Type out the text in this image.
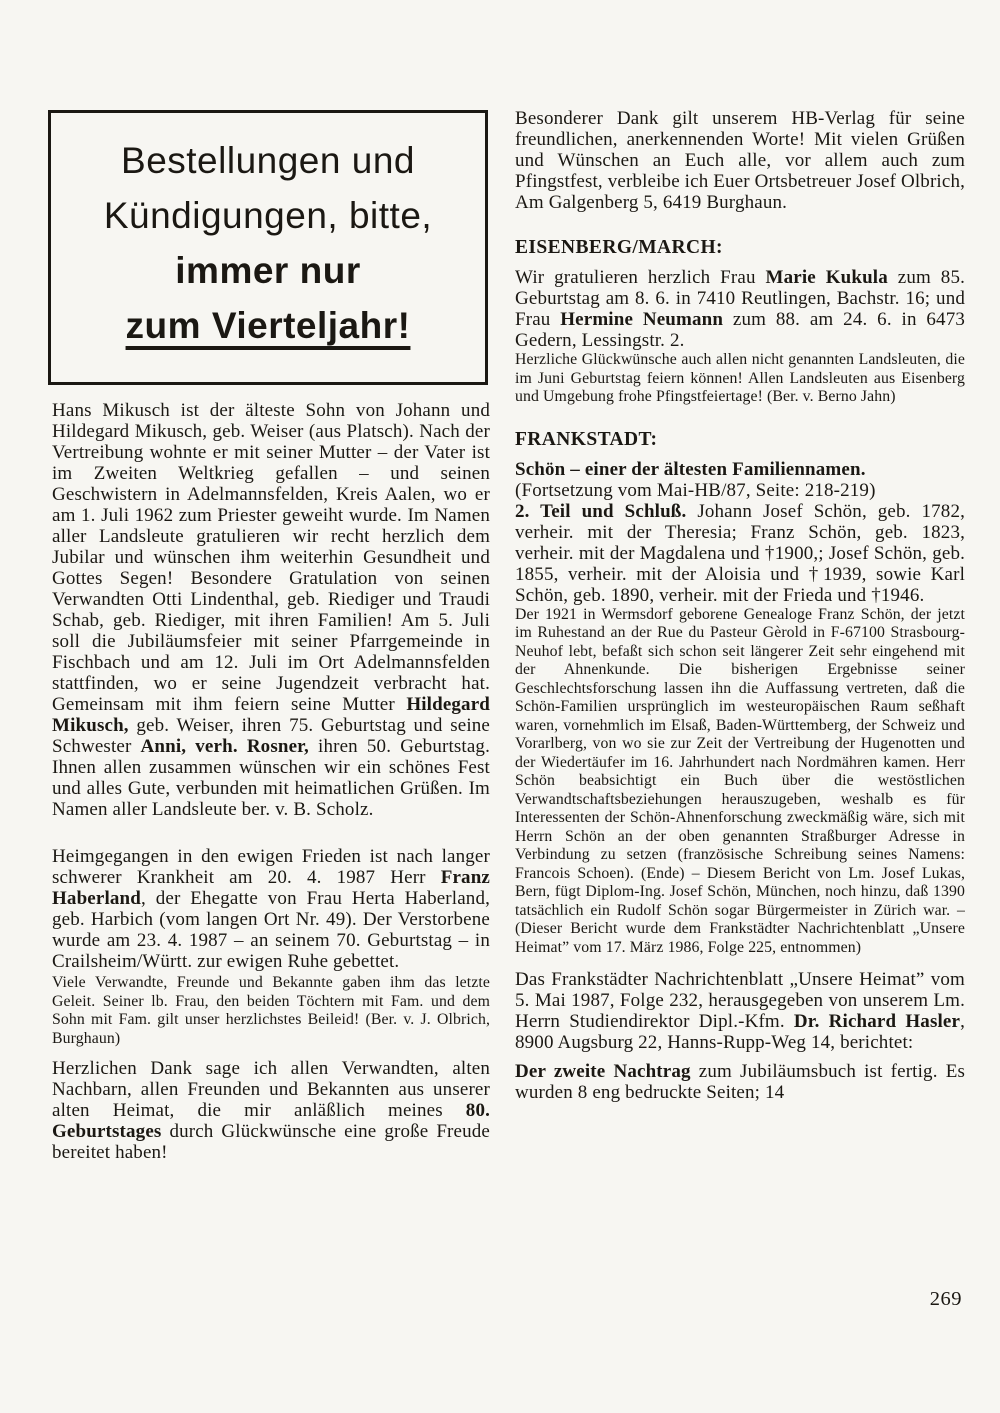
Bestellungen und
Kündigungen, bitte,
immer nur
zum Vierteljahr!
Hans Mikusch ist der älteste Sohn von Johann und Hildegard Mikusch, geb. Weiser (aus Platsch). Nach der Vertreibung wohnte er mit seiner Mutter – der Vater ist im Zweiten Weltkrieg gefallen – und seinen Geschwistern in Adelmannsfelden, Kreis Aalen, wo er am 1. Juli 1962 zum Priester geweiht wurde. Im Namen aller Landsleute gratulieren wir recht herzlich dem Jubilar und wünschen ihm weiterhin Gesundheit und Gottes Segen! Besondere Gratulation von seinen Verwandten Otti Lindenthal, geb. Riediger und Traudi Schab, geb. Riediger, mit ihren Familien! Am 5. Juli soll die Jubiläumsfeier mit seiner Pfarrgemeinde in Fischbach und am 12. Juli im Ort Adelmannsfelden stattfinden, wo er seine Jugendzeit verbracht hat. Gemeinsam mit ihm feiern seine Mutter Hildegard Mikusch, geb. Weiser, ihren 75. Geburtstag und seine Schwester Anni, verh. Rosner, ihren 50. Geburtstag. Ihnen allen zusammen wünschen wir ein schönes Fest und alles Gute, verbunden mit heimatlichen Grüßen. Im Namen aller Landsleute ber. v. B. Scholz.
Heimgegangen in den ewigen Frieden ist nach langer schwerer Krankheit am 20. 4. 1987 Herr Franz Haberland, der Ehegatte von Frau Herta Haberland, geb. Harbich (vom langen Ort Nr. 49). Der Verstorbene wurde am 23. 4. 1987 – an seinem 70. Geburtstag – in Crailsheim/Württ. zur ewigen Ruhe gebettet.
Viele Verwandte, Freunde und Bekannte gaben ihm das letzte Geleit. Seiner lb. Frau, den beiden Töchtern mit Fam. und dem Sohn mit Fam. gilt unser herzlichstes Beileid! (Ber. v. J. Olbrich, Burghaun)
Herzlichen Dank sage ich allen Verwandten, alten Nachbarn, allen Freunden und Bekannten aus unserer alten Heimat, die mir anläßlich meines 80. Geburtstages durch Glückwünsche eine große Freude bereitet haben!
Besonderer Dank gilt unserem HB-Verlag für seine freundlichen, anerkennenden Worte! Mit vielen Grüßen und Wünschen an Euch alle, vor allem auch zum Pfingstfest, verbleibe ich Euer Ortsbetreuer Josef Olbrich, Am Galgenberg 5, 6419 Burghaun.
EISENBERG/MARCH:
Wir gratulieren herzlich Frau Marie Kukula zum 85. Geburtstag am 8. 6. in 7410 Reutlingen, Bachstr. 16; und Frau Hermine Neumann zum 88. am 24. 6. in 6473 Gedern, Lessingstr. 2.
Herzliche Glückwünsche auch allen nicht genannten Landsleuten, die im Juni Geburtstag feiern können! Allen Landsleuten aus Eisenberg und Umgebung frohe Pfingstfeiertage! (Ber. v. Berno Jahn)
FRANKSTADT:
Schön – einer der ältesten Familiennamen.
(Fortsetzung vom Mai-HB/87, Seite: 218-219)
2. Teil und Schluß. Johann Josef Schön, geb. 1782, verheir. mit der Theresia; Franz Schön, geb. 1823, verheir. mit der Magdalena und †1900,; Josef Schön, geb. 1855, verheir. mit der Aloisia und †1939, sowie Karl Schön, geb. 1890, verheir. mit der Frieda und †1946.
Der 1921 in Wermsdorf geborene Genealoge Franz Schön, der jetzt im Ruhestand an der Rue du Pasteur Gèrold in F-67100 Strasbourg-Neuhof lebt, befaßt sich schon seit längerer Zeit sehr eingehend mit der Ahnenkunde. Die bisherigen Ergebnisse seiner Geschlechtsforschung lassen ihn die Auffassung vertreten, daß die Schön-Familien ursprünglich im westeuropäischen Raum seßhaft waren, vornehmlich im Elsaß, Baden-Württemberg, der Schweiz und Vorarlberg, von wo sie zur Zeit der Vertreibung der Hugenotten und der Wiedertäufer im 16. Jahrhundert nach Nordmähren kamen. Herr Schön beabsichtigt ein Buch über die westöstlichen Verwandtschaftsbeziehungen herauszugeben, weshalb es für Interessenten der Schön-Ahnenforschung zweckmäßig wäre, sich mit Herrn Schön an der oben genannten Straßburger Adresse in Verbindung zu setzen (französische Schreibung seines Namens: Francois Schoen). (Ende) – Diesem Bericht von Lm. Josef Lukas, Bern, fügt Diplom-Ing. Josef Schön, München, noch hinzu, daß 1390 tatsächlich ein Rudolf Schön sogar Bürgermeister in Zürich war. – (Dieser Bericht wurde dem Frankstädter Nachrichtenblatt „Unsere Heimat” vom 17. März 1986, Folge 225, entnommen)
Das Frankstädter Nachrichtenblatt „Unsere Heimat” vom 5. Mai 1987, Folge 232, herausgegeben von unserem Lm. Herrn Studiendirektor Dipl.-Kfm. Dr. Richard Hasler, 8900 Augsburg 22, Hanns-Rupp-Weg 14, berichtet:
Der zweite Nachtrag zum Jubiläumsbuch ist fertig. Es wurden 8 eng bedruckte Seiten; 14
269
